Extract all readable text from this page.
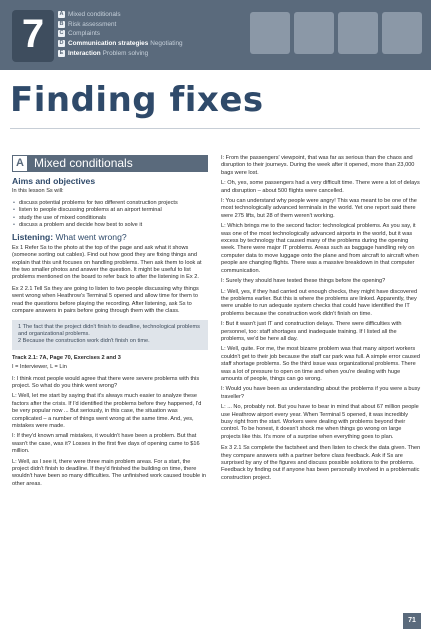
7	A Mixed conditionals
B Risk assessment
C Complaints
D Communication strategies Negotiating
E Interaction Problem solving
Finding fixes
A Mixed conditionals
Aims and objectives
In this lesson Ss will:
• discuss potential problems for two different construction projects
• listen to people discussing problems at an airport terminal
• study the use of mixed conditionals
• discuss a problem and decide how best to solve it
Listening: What went wrong?
Ex 1 Refer Ss to the photo at the top of the page and ask what it shows (someone sorting out cables). Find out how good they are fixing things and explain that this unit focuses on handling problems. Then ask them to look at the two smaller photos and answer the question. It might be useful to list problems mentioned on the board to refer back to after the listening in Ex 2.
Ex 2 2.1 Tell Ss they are going to listen to two people discussing why things went wrong when Heathrow's Terminal 5 opened and allow time for them to read the questions before playing the recording. After listening, ask Ss to compare answers in pairs before going through them with the class.
1 The fact that the project didn't finish to deadline, technological problems and organizational problems.
2 Because the construction work didn't finish on time.
Track 2.1: 7A, Page 70, Exercises 2 and 3
I = Interviewer, L = Lin
I: I think most people would agree that there were severe problems with this project. So what do you think went wrong?
L: Well, let me start by saying that it's always much easier to analyze these factors after the crisis. If I'd identified the problems before they happened, I'd be very popular now ... But seriously, in this case, the situation was complicated – a number of things went wrong at the same time. And, yes, mistakes were made.
I: If they'd known small mistakes, it wouldn't have been a problem. But that wasn't the case, was it? Losses in the first five days of opening came to $16 million.
L: Well, as I see it, there were three main problem areas. For a start, the project didn't finish to deadline. If they'd finished the building on time, there wouldn't have been so many difficulties. The unfinished work caused trouble in other areas.
I: From the passengers' viewpoint, that was far as serious than the chaos and disruption to their journeys. During the week after it opened, more than 23,000 bags were lost.
L: Oh, yes, some passengers had a very difficult time. There were a lot of delays and disruption – about 500 flights were cancelled.
I: You can understand why people were angry! This was meant to be one of the most technologically advanced terminals in the world. Yet one report said there were 275 lifts, but 28 of them weren't working.
L: Which brings me to the second factor: technological problems. As you say, it was one of the most technologically advanced airports in the world, but it was excess by technology that caused many of the problems during the opening week. There were major IT problems. Areas such as baggage handling rely on computer data to move luggage onto the plane and from aircraft to aircraft when people are changing flights. There was a massive breakdown in that computer communication.
I: Surely they should have tested these things before the opening?
L: Well, yes, if they had carried out enough checks, they might have discovered the problems earlier. But this is where the problems are linked. Apparently, they were unable to run adequate system checks that could have identified the IT problems because the construction work didn't finish on time.
I: But it wasn't just IT and construction delays. There were difficulties with personnel, too: staff shortages and inadequate training. If I listed all the problems, we'd be here all day.
L: Well, quite. For me, the most bizarre problem was that many airport workers couldn't get to their job because the staff car park was full. A simple error caused staff shortage problems. So the third issue was organizational problems. There was a lot of pressure to open on time and when you're dealing with huge amounts of people, things can go wrong.
I: Would you have been as understanding about the problems if you were a busy traveller?
L: ... No, probably not. But you have to bear in mind that about 67 million people use Heathrow airport every year. When Terminal 5 opened, it was incredibly busy right from the start. Workers were dealing with problems beyond their control. To be honest, it doesn't shock me when things go wrong on large projects like this. It's more of a surprise when everything goes to plan.
Ex 3 2.1 Ss complete the factsheet and then listen to check the data given. Then they compare answers with a partner before class feedback. Ask if Ss are surprised by any of the figures and discuss possible solutions to the problems. Feedback by finding out if anyone has been personally involved in a problematic construction project.
71
